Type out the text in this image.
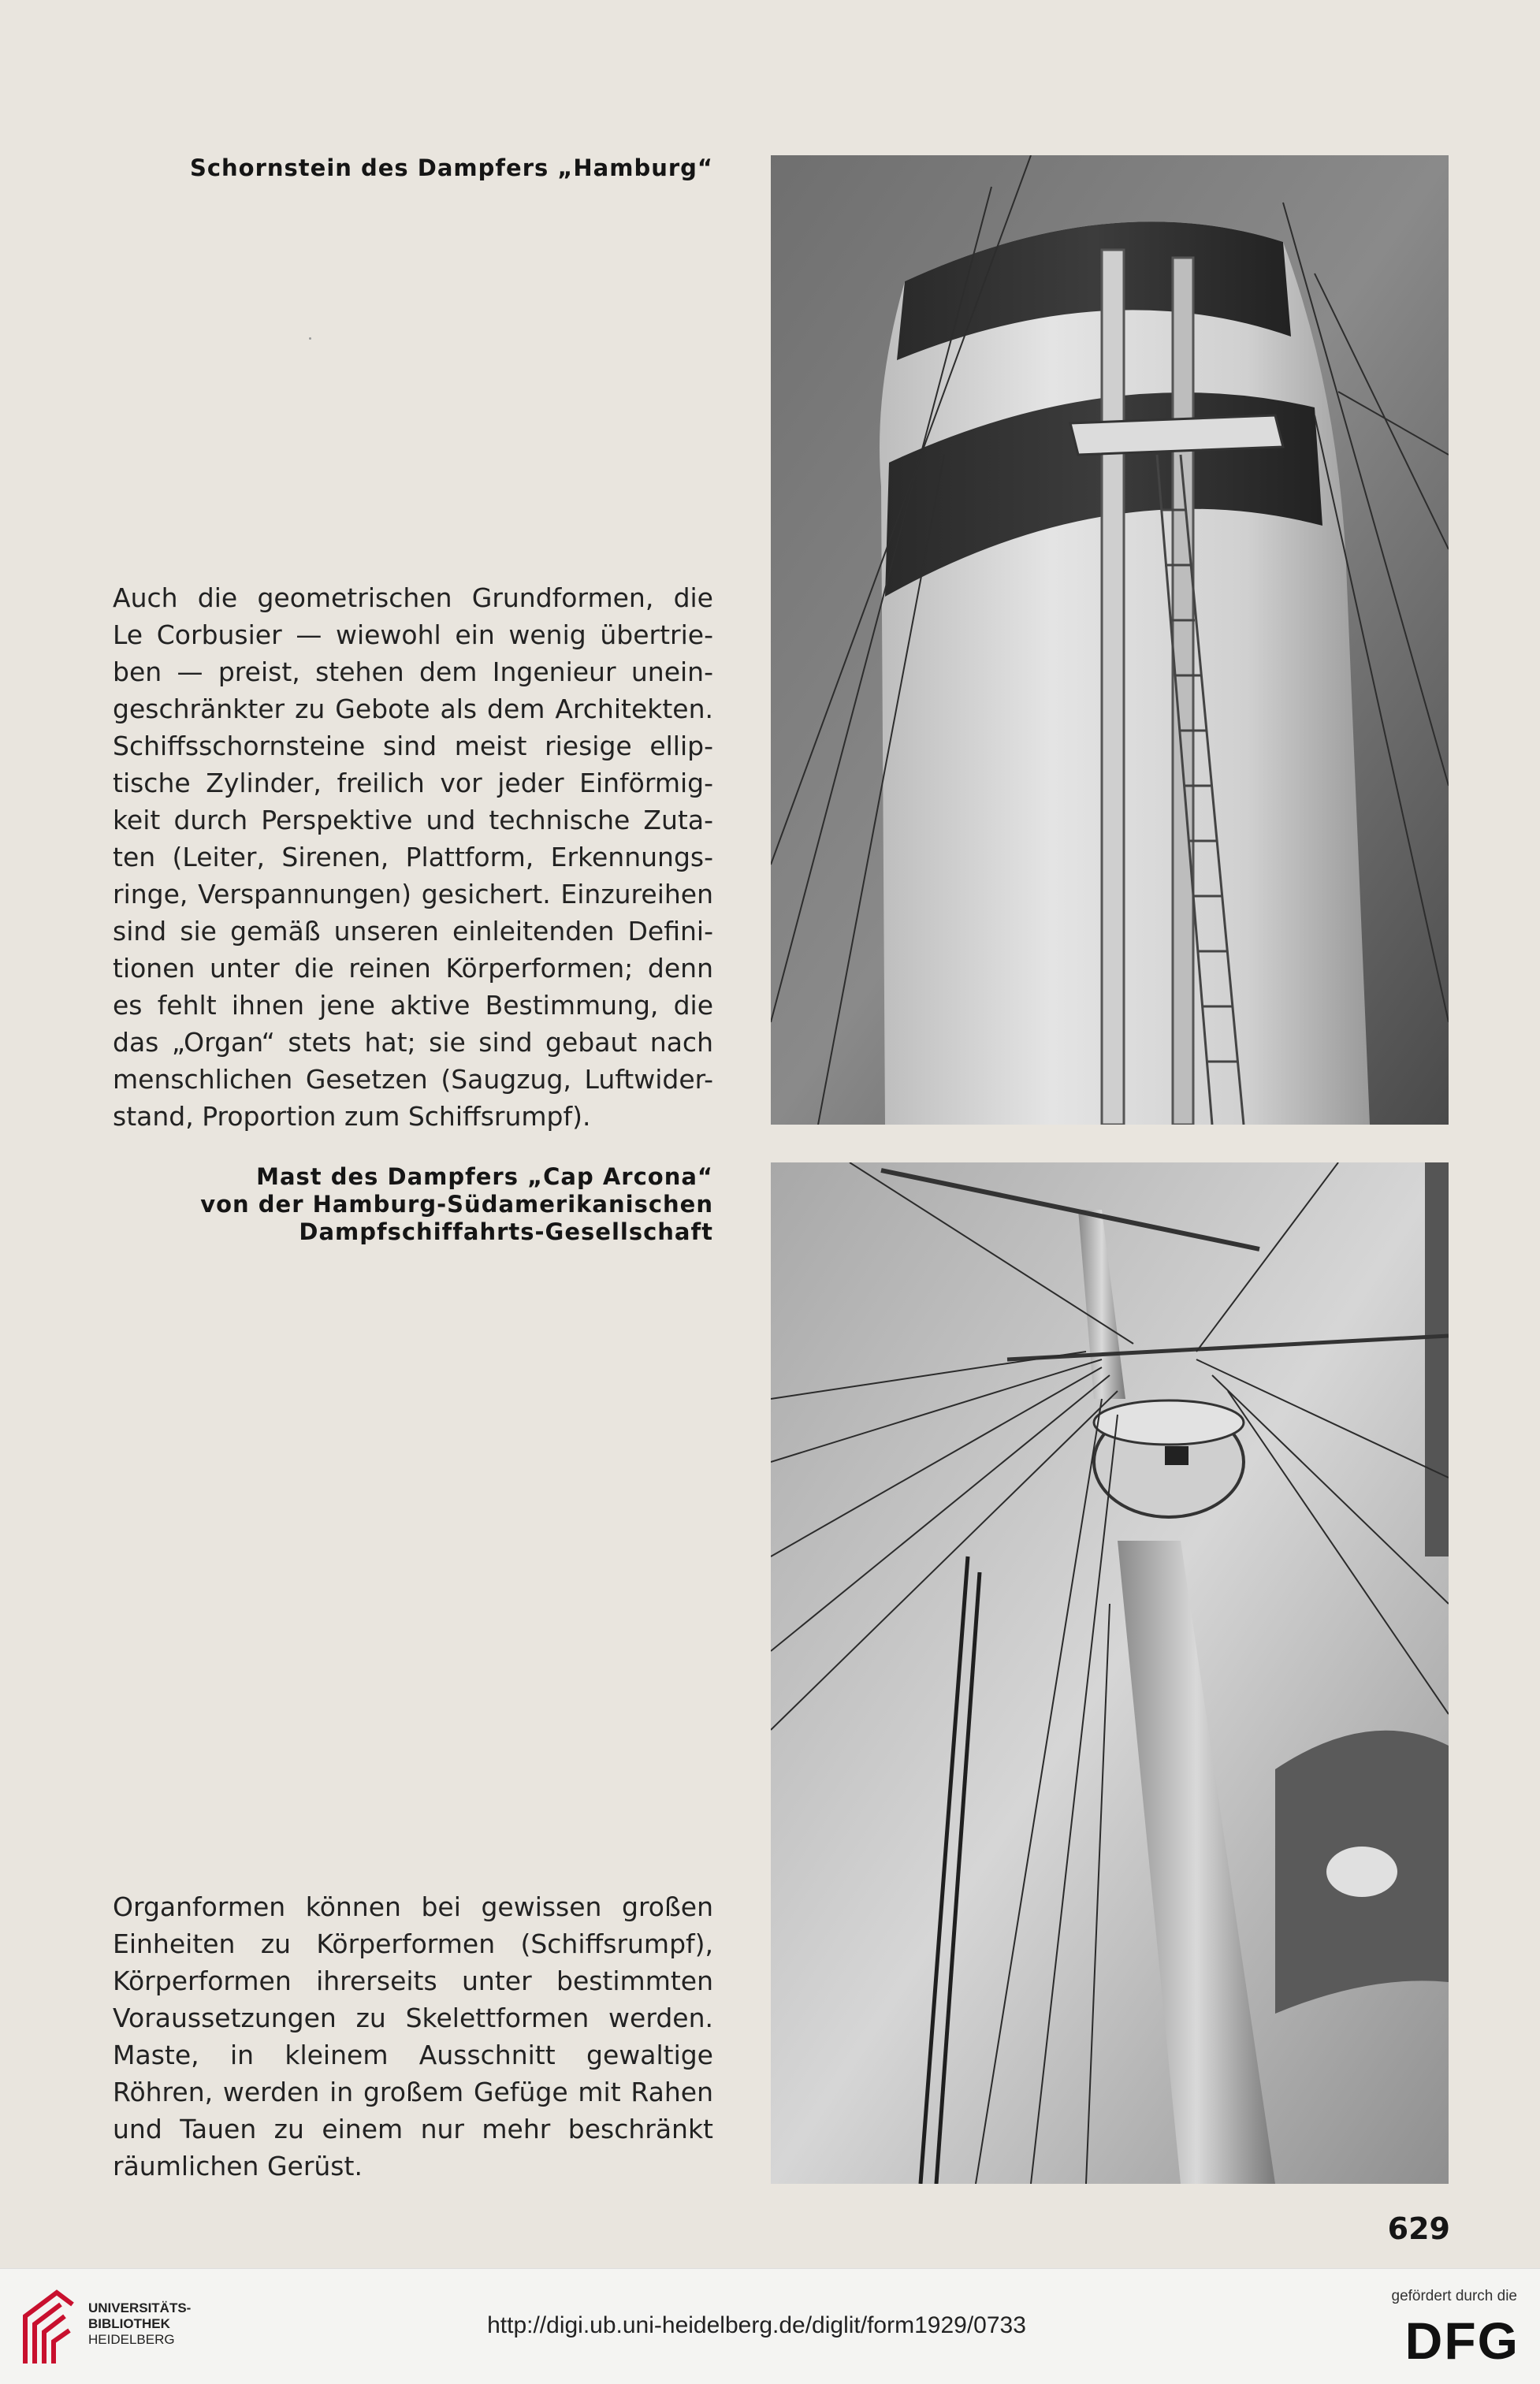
Schornstein des Dampfers „Hamburg“
Auch die geometrischen Grundformen, die
Le Corbusier — wiewohl ein wenig übertrie-
ben — preist, stehen dem Ingenieur unein-
geschränkter zu Gebote als dem Architekten.
Schiffsschornsteine sind meist riesige ellip-
tische Zylinder, freilich vor jeder Einförmig-
keit durch Perspektive und technische Zuta-
ten (Leiter, Sirenen, Plattform, Erkennungs-
ringe, Verspannungen) gesichert. Einzureihen
sind sie gemäß unseren einleitenden Defini-
tionen unter die reinen Körperformen; denn
es fehlt ihnen jene aktive Bestimmung, die
das „Organ“ stets hat; sie sind gebaut nach
menschlichen Gesetzen (Saugzug, Luftwider-
stand, Proportion zum Schiffsrumpf).
Mast des Dampfers „Cap Arcona“
von der Hamburg-Südamerikanischen
Dampfschiffahrts-Gesellschaft
Organformen können bei gewissen großen
Einheiten zu Körperformen (Schiffsrumpf),
Körperformen ihrerseits unter bestimmten
Voraussetzungen zu Skelettformen werden.
Maste, in kleinem Ausschnitt gewaltige
Röhren, werden in großem Gefüge mit Rahen
und Tauen zu einem nur mehr beschränkt
räumlichen Gerüst.
629
UNIVERSITÄTS-
BIBLIOTHEK
HEIDELBERG
http://digi.ub.uni-heidelberg.de/diglit/form1929/0733
gefördert durch die
DFG
